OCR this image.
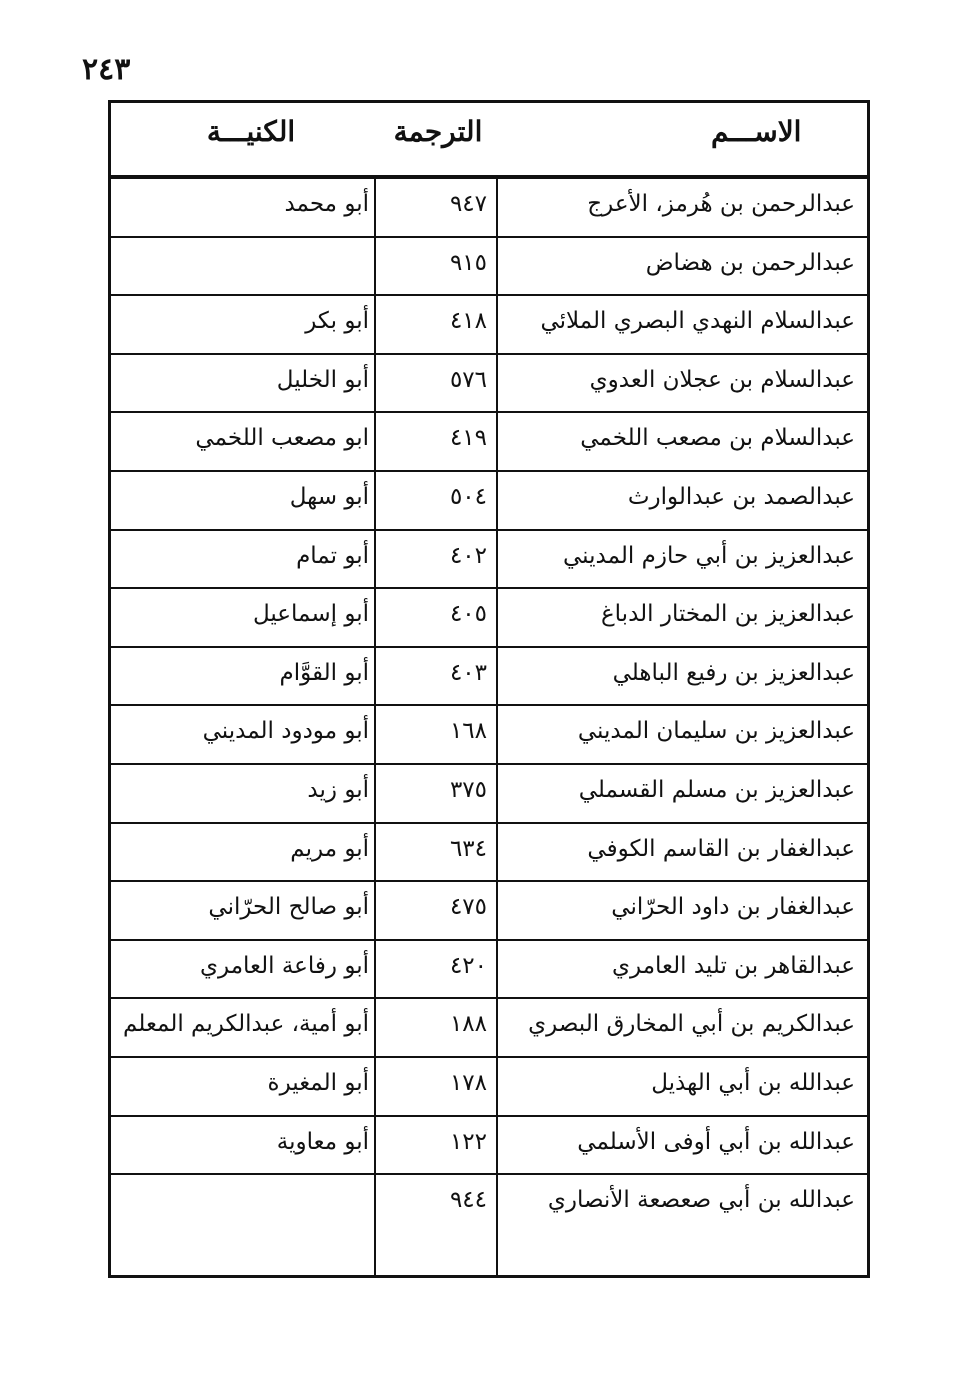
٢٤٣
الاســـم
الترجمة
الكنيـــة
عبدالرحمن بن هُرمز، الأعرج
٩٤٧
أبو محمد
عبدالرحمن بن هضاض
٩١٥
عبدالسلام النهدي البصري الملائي
٤١٨
أبو بكر
عبدالسلام بن عجلان العدوي
٥٧٦
أبو الخليل
عبدالسلام بن مصعب اللخمي
٤١٩
ابو مصعب اللخمي
عبدالصمد بن عبدالوارث
٥٠٤
أبو سهل
عبدالعزيز بن أبي حازم المديني
٤٠٢
أبو تمام
عبدالعزيز بن المختار الدباغ
٤٠٥
أبو إسماعيل
عبدالعزيز بن رفيع الباهلي
٤٠٣
أبو القوَّام
عبدالعزيز بن سليمان المديني
١٦٨
أبو مودود المديني
عبدالعزيز بن مسلم القسملي
٣٧٥
أبو زيد
عبدالغفار بن القاسم الكوفي
٦٣٤
أبو مريم
عبدالغفار بن داود الحرّاني
٤٧٥
أبو صالح الحرّاني
عبدالقاهر بن تليد العامري
٤٢٠
أبو رفاعة العامري
عبدالكريم بن أبي المخارق البصري
١٨٨
أبو أمية، عبدالكريم المعلم
عبدالله بن أبي الهذيل
١٧٨
أبو المغيرة
عبدالله بن أبي أوفى الأسلمي
١٢٢
أبو معاوية
عبدالله بن أبي صعصعة الأنصاري
٩٤٤
